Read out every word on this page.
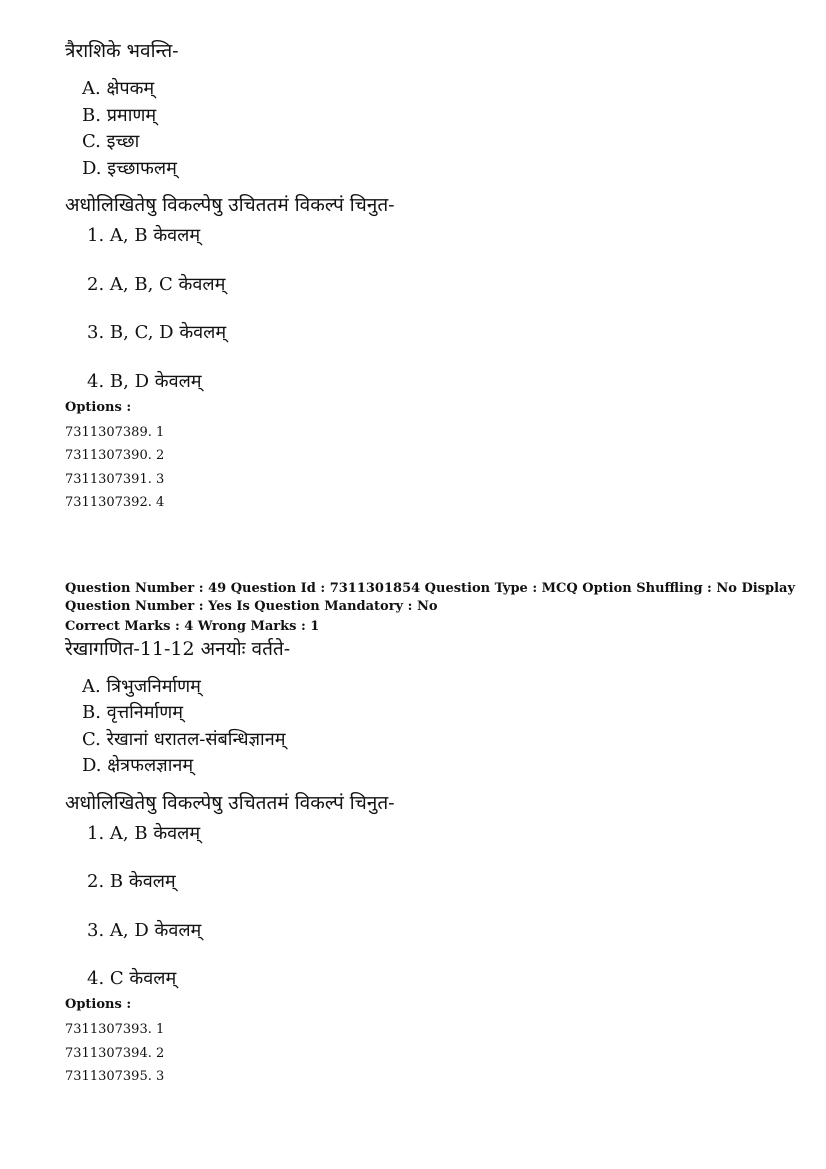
त्रैराशिके भवन्ति-

A. क्षेपकम्
B. प्रमाणम्
C. इच्छा
D. इच्छाफलम्

अधोलिखितेषु विकल्पेषु उचिततमं विकल्पं चिनुत-

1. A, B केवलम्
2. A, B, C केवलम्
3. B, C, D केवलम्
4. B, D केवलम्
Options :
7311307389. 1
7311307390. 2
7311307391. 3
7311307392. 4
Question Number : 49 Question Id : 7311301854 Question Type : MCQ Option Shuffling : No Display
Question Number : Yes Is Question Mandatory : No
Correct Marks : 4 Wrong Marks : 1

रेखागणित-11-12 अनयोः वर्तते-

A. त्रिभुजनिर्माणम्
B. वृत्तनिर्माणम्
C. रेखानां धरातल-संबन्धिज्ञानम्
D. क्षेत्रफलज्ञानम्

अधोलिखितेषु विकल्पेषु उचिततमं विकल्पं चिनुत-

1. A, B केवलम्
2. B केवलम्
3. A, D केवलम्
4. C केवलम्
Options :
7311307393. 1
7311307394. 2
7311307395. 3
